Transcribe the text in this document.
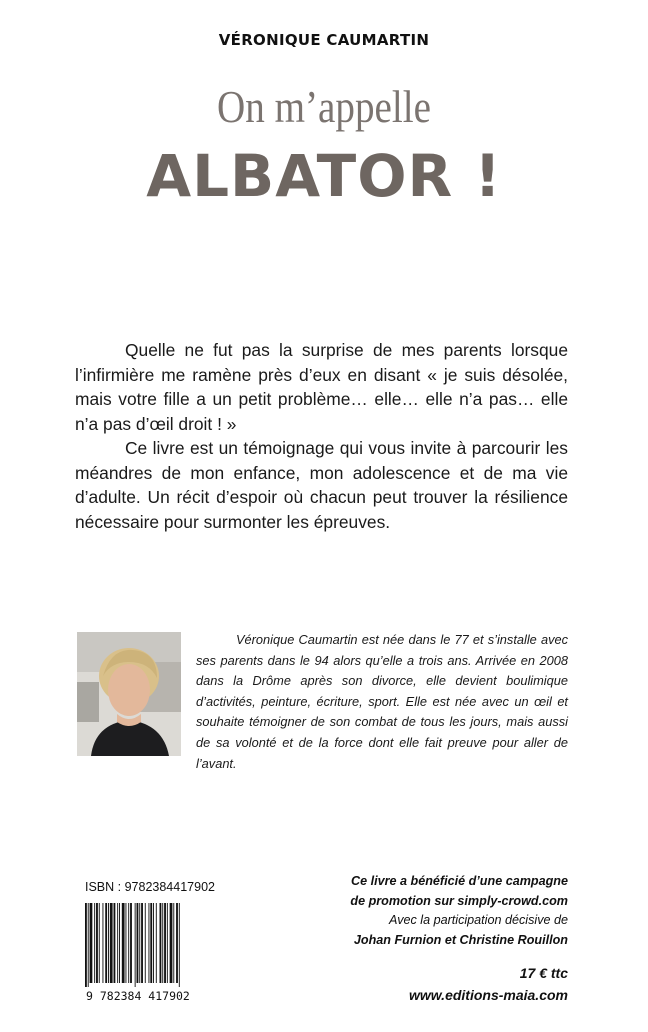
VÉRONIQUE CAUMARTIN
On m’appelle
ALBATOR !

Quelle ne fut pas la surprise de mes parents lorsque l’infirmière me ramène près d’eux en disant « je suis désolée, mais votre fille a un petit problème… elle… elle n’a pas… elle n’a pas d’œil droit ! »

Ce livre est un témoignage qui vous invite à parcourir les méandres de mon enfance, mon adolescence et de ma vie d’adulte. Un récit d’espoir où chacun peut trouver la résilience nécessaire pour surmonter les épreuves.

Véronique Caumartin est née dans le 77 et s’installe avec ses parents dans le 94 alors qu’elle a trois ans. Arrivée en 2008 dans la Drôme après son divorce, elle devient boulimique d’activités, peinture, écriture, sport. Elle est née avec un œil et souhaite témoigner de son combat de tous les jours, mais aussi de sa volonté et de la force dont elle fait preuve pour aller de l’avant.

ISBN : 9782384417902
9 782384 417902
Ce livre a bénéficié d’une campagne
de promotion sur simply-crowd.com
Avec la participation décisive de
Johan Furnion et Christine Rouillon
17 € ttc
www.editions-maia.com
